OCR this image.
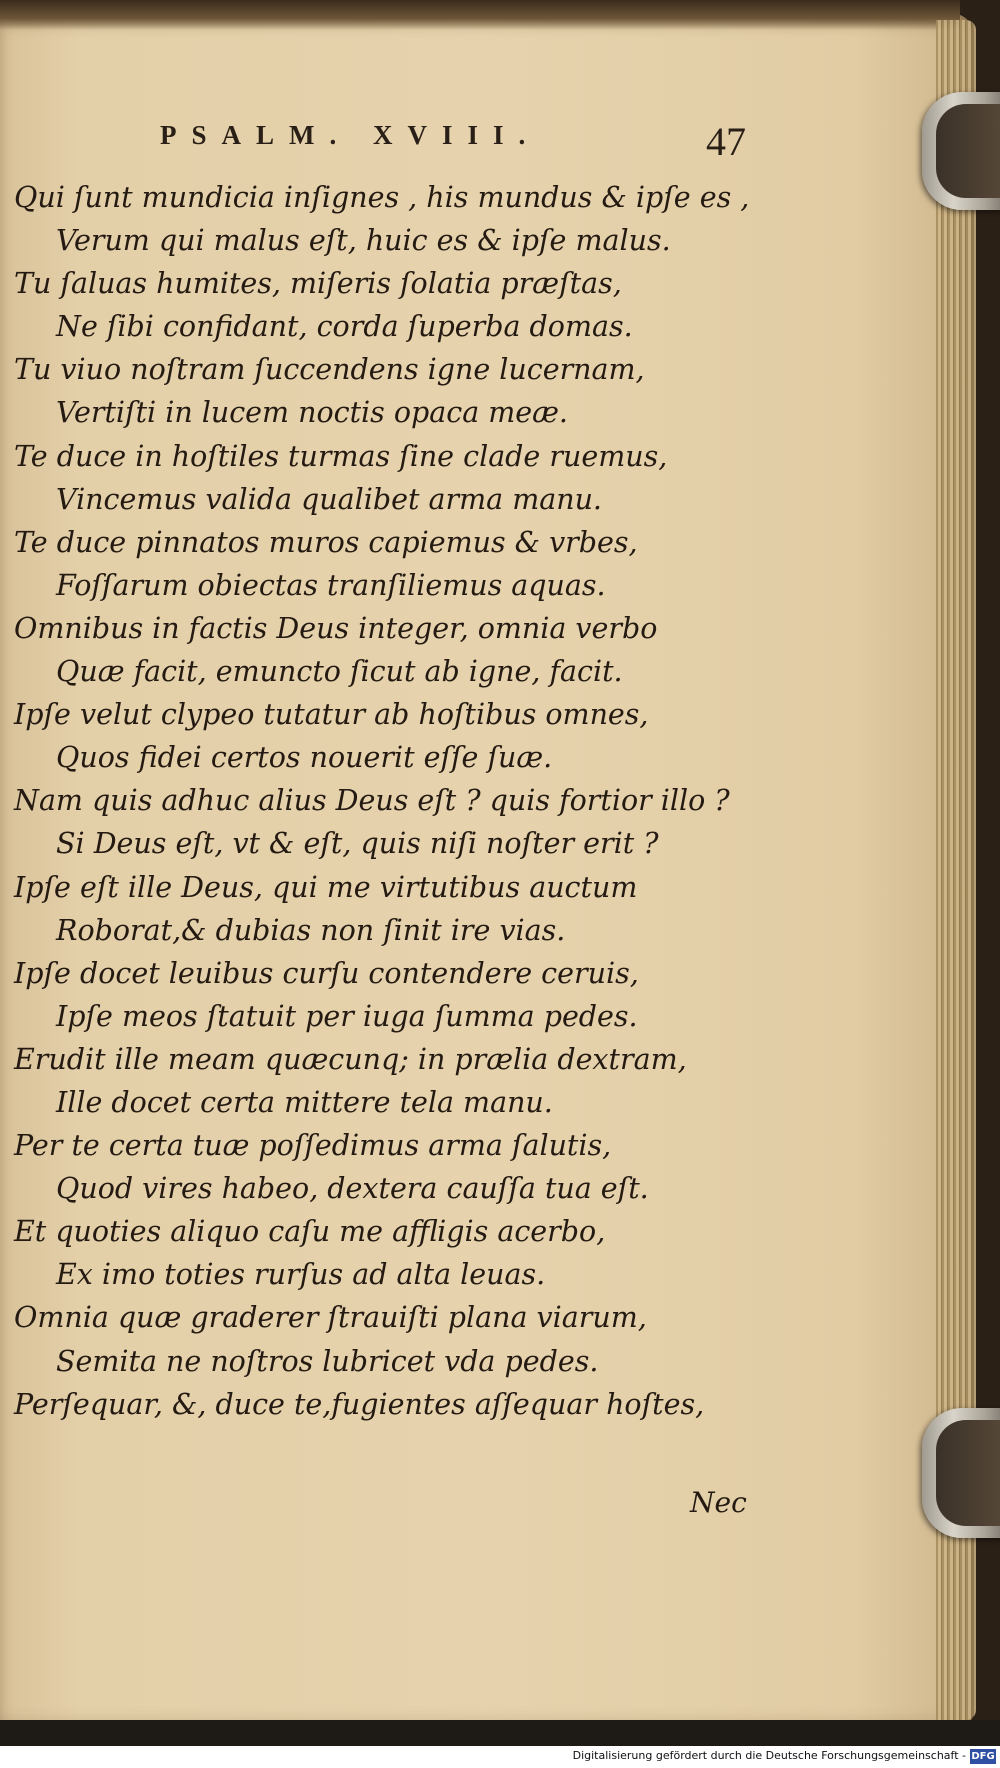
PSALM. XVIII.	47
Qui ſunt mundicia inſignes , his mundus & ipſe es ,
Verum qui malus eſt, huic es & ipſe malus.
Tu ſaluas humites, miſeris ſolatia præſtas,
Ne ſibi confidant, corda ſuperba domas.
Tu viuo noſtram ſuccendens igne lucernam,
Vertiſti in lucem noctis opaca meæ.
Te duce in hoſtiles turmas ſine clade ruemus,
Vincemus valida qualibet arma manu.
Te duce pinnatos muros capiemus & vrbes,
Foſſarum obiectas tranſiliemus aquas.
Omnibus in factis Deus integer, omnia verbo
Quæ facit, emuncto ſicut ab igne, facit.
Ipſe velut clypeo tutatur ab hoſtibus omnes,
Quos fidei certos nouerit eſſe ſuæ.
Nam quis adhuc alius Deus eſt ? quis fortior illo ?
Si Deus eſt, vt & eſt, quis niſi noſter erit ?
Ipſe eſt ille Deus, qui me virtutibus auctum
Roborat,& dubias non ſinit ire vias.
Ipſe docet leuibus curſu contendere ceruis,
Ipſe meos ſtatuit per iuga ſumma pedes.
Erudit ille meam quæcunq; in prælia dextram,
Ille docet certa mittere tela manu.
Per te certa tuæ poſſedimus arma ſalutis,
Quod vires habeo, dextera cauſſa tua eſt.
Et quoties aliquo caſu me affligis acerbo,
Ex imo toties rurſus ad alta leuas.
Omnia quæ graderer ſtrauiſti plana viarum,
Semita ne noſtros lubricet vda pedes.
Perſequar, &, duce te,fugientes aſſequar hoſtes,
Nec
Digitalisierung gefördert durch die Deutsche Forschungsgemeinschaft - DFG
